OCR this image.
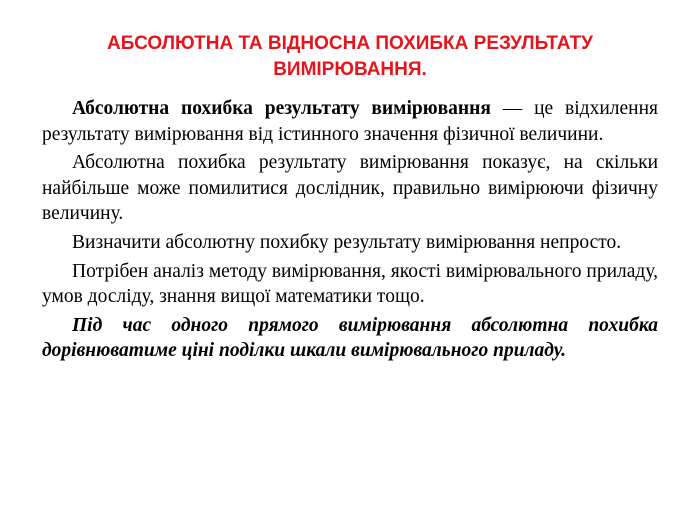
АБСОЛЮТНА ТА ВІДНОСНА ПОХИБКА РЕЗУЛЬТАТУ ВИМІРЮВАННЯ.

Абсолютна похибка результату вимірювання — це відхилення результату вимірювання від істинного значення фізичної величини.

Абсолютна похибка результату вимірювання показує, на скільки найбільше може помилитися дослідник, правильно вимірюючи фізичну величину.

Визначити абсолютну похибку результату вимірювання непросто.

Потрібен аналіз методу вимірювання, якості вимірювального приладу, умов досліду, знання вищої математики тощо.

Під час одного прямого вимірювання абсолютна похибка дорівнюватиме ціні поділки шкали вимірювального приладу.
